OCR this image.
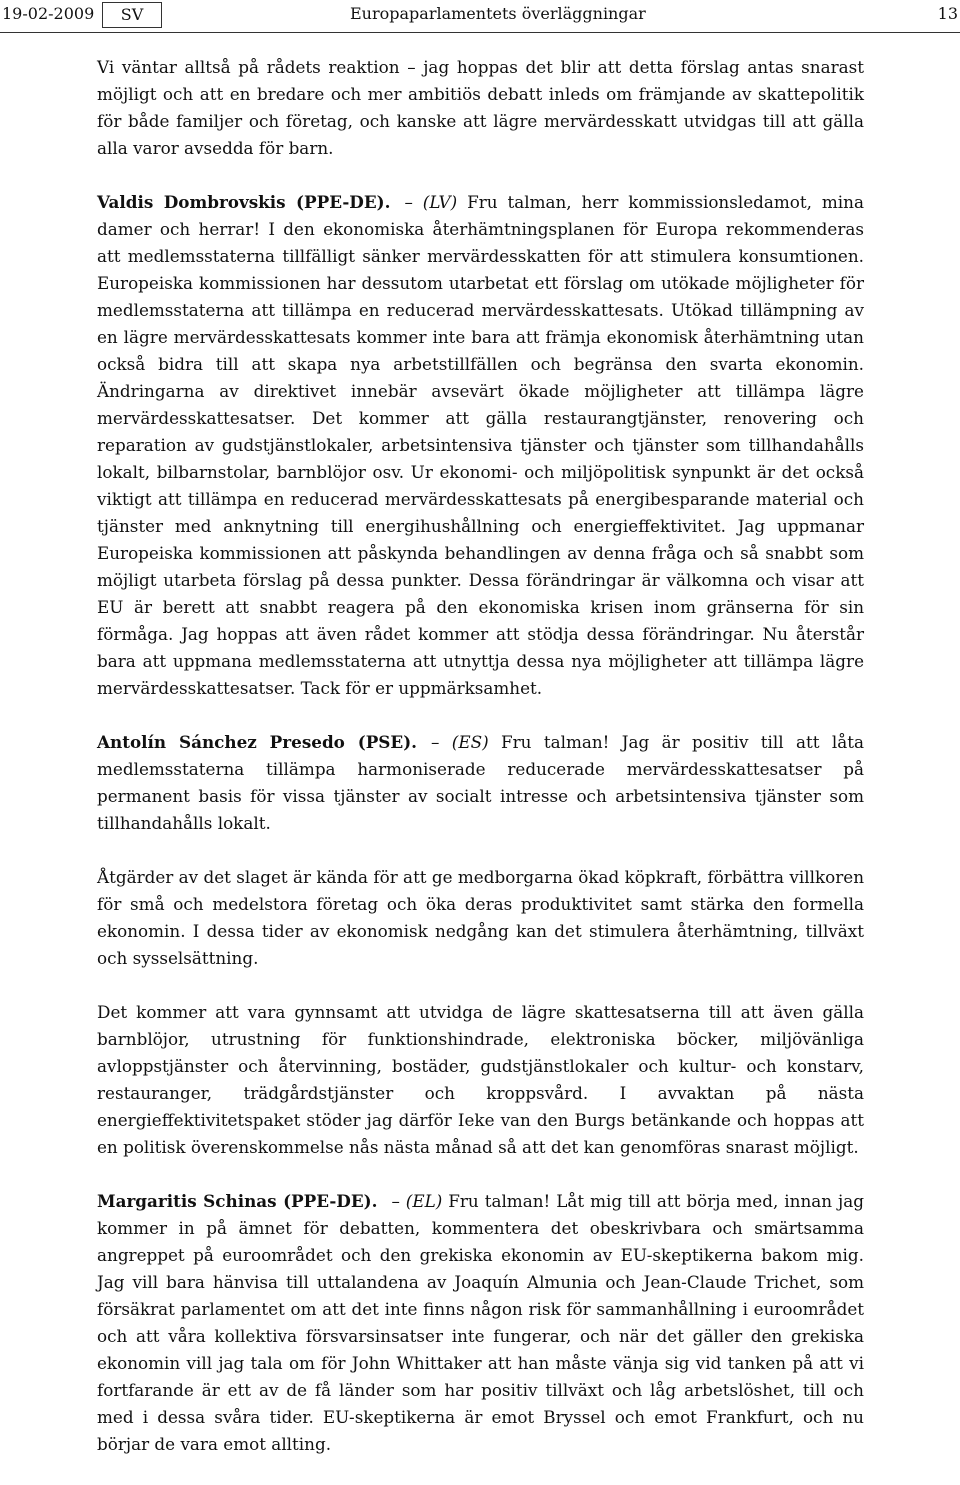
19-02-2009	SV	Europaparlamentets överläggningar	13

Vi väntar alltså på rådets reaktion – jag hoppas det blir att detta förslag antas snarast möjligt och att en bredare och mer ambitiös debatt inleds om främjande av skattepolitik för både familjer och företag, och kanske att lägre mervärdesskatt utvidgas till att gälla alla varor avsedda för barn.

Valdis Dombrovskis (PPE-DE). – (LV) Fru talman, herr kommissionsledamot, mina damer och herrar! I den ekonomiska återhämtningsplanen för Europa rekommenderas att medlemsstaterna tillfälligt sänker mervärdesskatten för att stimulera konsumtionen. Europeiska kommissionen har dessutom utarbetat ett förslag om utökade möjligheter för medlemsstaterna att tillämpa en reducerad mervärdesskattesats. Utökad tillämpning av en lägre mervärdesskattesats kommer inte bara att främja ekonomisk återhämtning utan också bidra till att skapa nya arbetstillfällen och begränsa den svarta ekonomin. Ändringarna av direktivet innebär avsevärt ökade möjligheter att tillämpa lägre mervärdesskattesatser. Det kommer att gälla restaurangtjänster, renovering och reparation av gudstjänstlokaler, arbetsintensiva tjänster och tjänster som tillhandahålls lokalt, bilbarnstolar, barnblöjor osv. Ur ekonomi- och miljöpolitisk synpunkt är det också viktigt att tillämpa en reducerad mervärdesskattesats på energibesparande material och tjänster med anknytning till energihushållning och energieffektivitet. Jag uppmanar Europeiska kommissionen att påskynda behandlingen av denna fråga och så snabbt som möjligt utarbeta förslag på dessa punkter. Dessa förändringar är välkomna och visar att EU är berett att snabbt reagera på den ekonomiska krisen inom gränserna för sin förmåga. Jag hoppas att även rådet kommer att stödja dessa förändringar. Nu återstår bara att uppmana medlemsstaterna att utnyttja dessa nya möjligheter att tillämpa lägre mervärdesskattesatser. Tack för er uppmärksamhet.

Antolín Sánchez Presedo (PSE). – (ES) Fru talman! Jag är positiv till att låta medlemsstaterna tillämpa harmoniserade reducerade mervärdesskattesatser på permanent basis för vissa tjänster av socialt intresse och arbetsintensiva tjänster som tillhandahålls lokalt.

Åtgärder av det slaget är kända för att ge medborgarna ökad köpkraft, förbättra villkoren för små och medelstora företag och öka deras produktivitet samt stärka den formella ekonomin. I dessa tider av ekonomisk nedgång kan det stimulera återhämtning, tillväxt och sysselsättning.

Det kommer att vara gynnsamt att utvidga de lägre skattesatserna till att även gälla barnblöjor, utrustning för funktionshindrade, elektroniska böcker, miljövänliga avloppstjänster och återvinning, bostäder, gudstjänstlokaler och kultur- och konstarv, restauranger, trädgårdstjänster och kroppsvård. I avvaktan på nästa energieffektivitetspaket stöder jag därför Ieke van den Burgs betänkande och hoppas att en politisk överenskommelse nås nästa månad så att det kan genomföras snarast möjligt.

Margaritis Schinas (PPE-DE). – (EL) Fru talman! Låt mig till att börja med, innan jag kommer in på ämnet för debatten, kommentera det obeskrivbara och smärtsamma angreppet på euroområdet och den grekiska ekonomin av EU-skeptikerna bakom mig. Jag vill bara hänvisa till uttalandena av Joaquín Almunia och Jean-Claude Trichet, som försäkrat parlamentet om att det inte finns någon risk för sammanhållning i euroområdet och att våra kollektiva försvarsinsatser inte fungerar, och när det gäller den grekiska ekonomin vill jag tala om för John Whittaker att han måste vänja sig vid tanken på att vi fortfarande är ett av de få länder som har positiv tillväxt och låg arbetslöshet, till och med i dessa svåra tider. EU-skeptikerna är emot Bryssel och emot Frankfurt, och nu börjar de vara emot allting.
